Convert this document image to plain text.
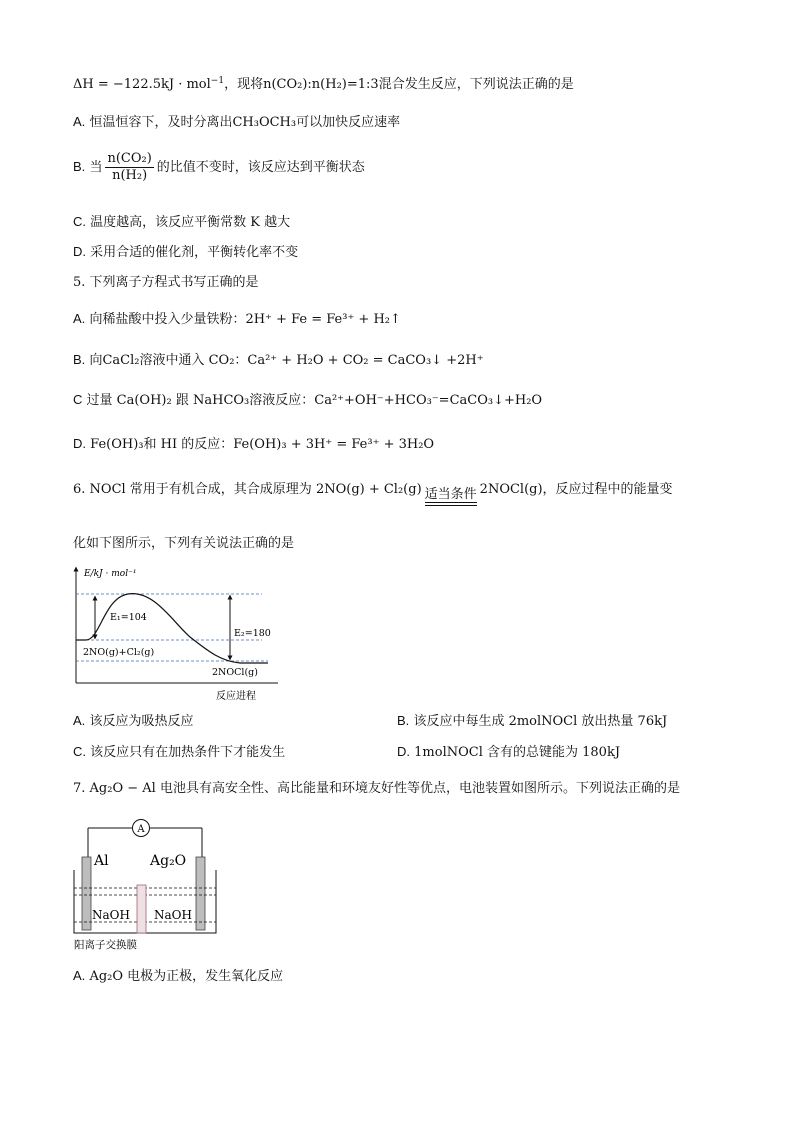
ΔH = −122.5kJ · mol$^{-1}$，现将n(CO₂):n(H₂)=1:3混合发生反应，下列说法正确的是
A. 恒温恒容下，及时分离出CH₃OCH₃可以加快反应速率
B. 当 $\frac{\text{n(CO₂)}}{\text{n(H₂)}}$ 的比值不变时，该反应达到平衡状态
C. 温度越高，该反应平衡常数 K 越大
D. 采用合适的催化剂，平衡转化率不变
5. 下列离子方程式书写正确的是
A. 向稀盐酸中投入少量铁粉：2H⁺ + Fe = Fe³⁺ + H₂↑
B. 向CaCl₂溶液中通入 CO₂：Ca²⁺ + H₂O + CO₂ = CaCO₃↓ +2H⁺
C 过量 Ca(OH)₂ 跟 NaHCO₃溶液反应：Ca²⁺+OH⁻+HCO₃⁻=CaCO₃↓+H₂O
D. Fe(OH)₃和 HI 的反应：Fe(OH)₃ + 3H⁺ = Fe³⁺ + 3H₂O
6. NOCl 常用于有机合成，其合成原理为 2NO(g) + Cl₂(g) 适当条件 2NOCl(g)，反应过程中的能量变
化如下图所示，下列有关说法正确的是
E/kJ · mol⁻¹
反应进程
E₁=104
E₂=180
2NO(g)+Cl₂(g)
2NOCl(g)
A. 该反应为吸热反应	B. 该反应中每生成 2molNOCl 放出热量 76kJ
C. 该反应只有在加热条件下才能发生	D. 1molNOCl 含有的总键能为 180kJ
7. Ag₂O − Al 电池具有高安全性、高比能量和环境友好性等优点，电池装置如图所示。下列说法正确的是
A
Al	Ag₂O
NaOH NaOH
阳离子交换膜
A. Ag₂O 电极为正极，发生氧化反应
